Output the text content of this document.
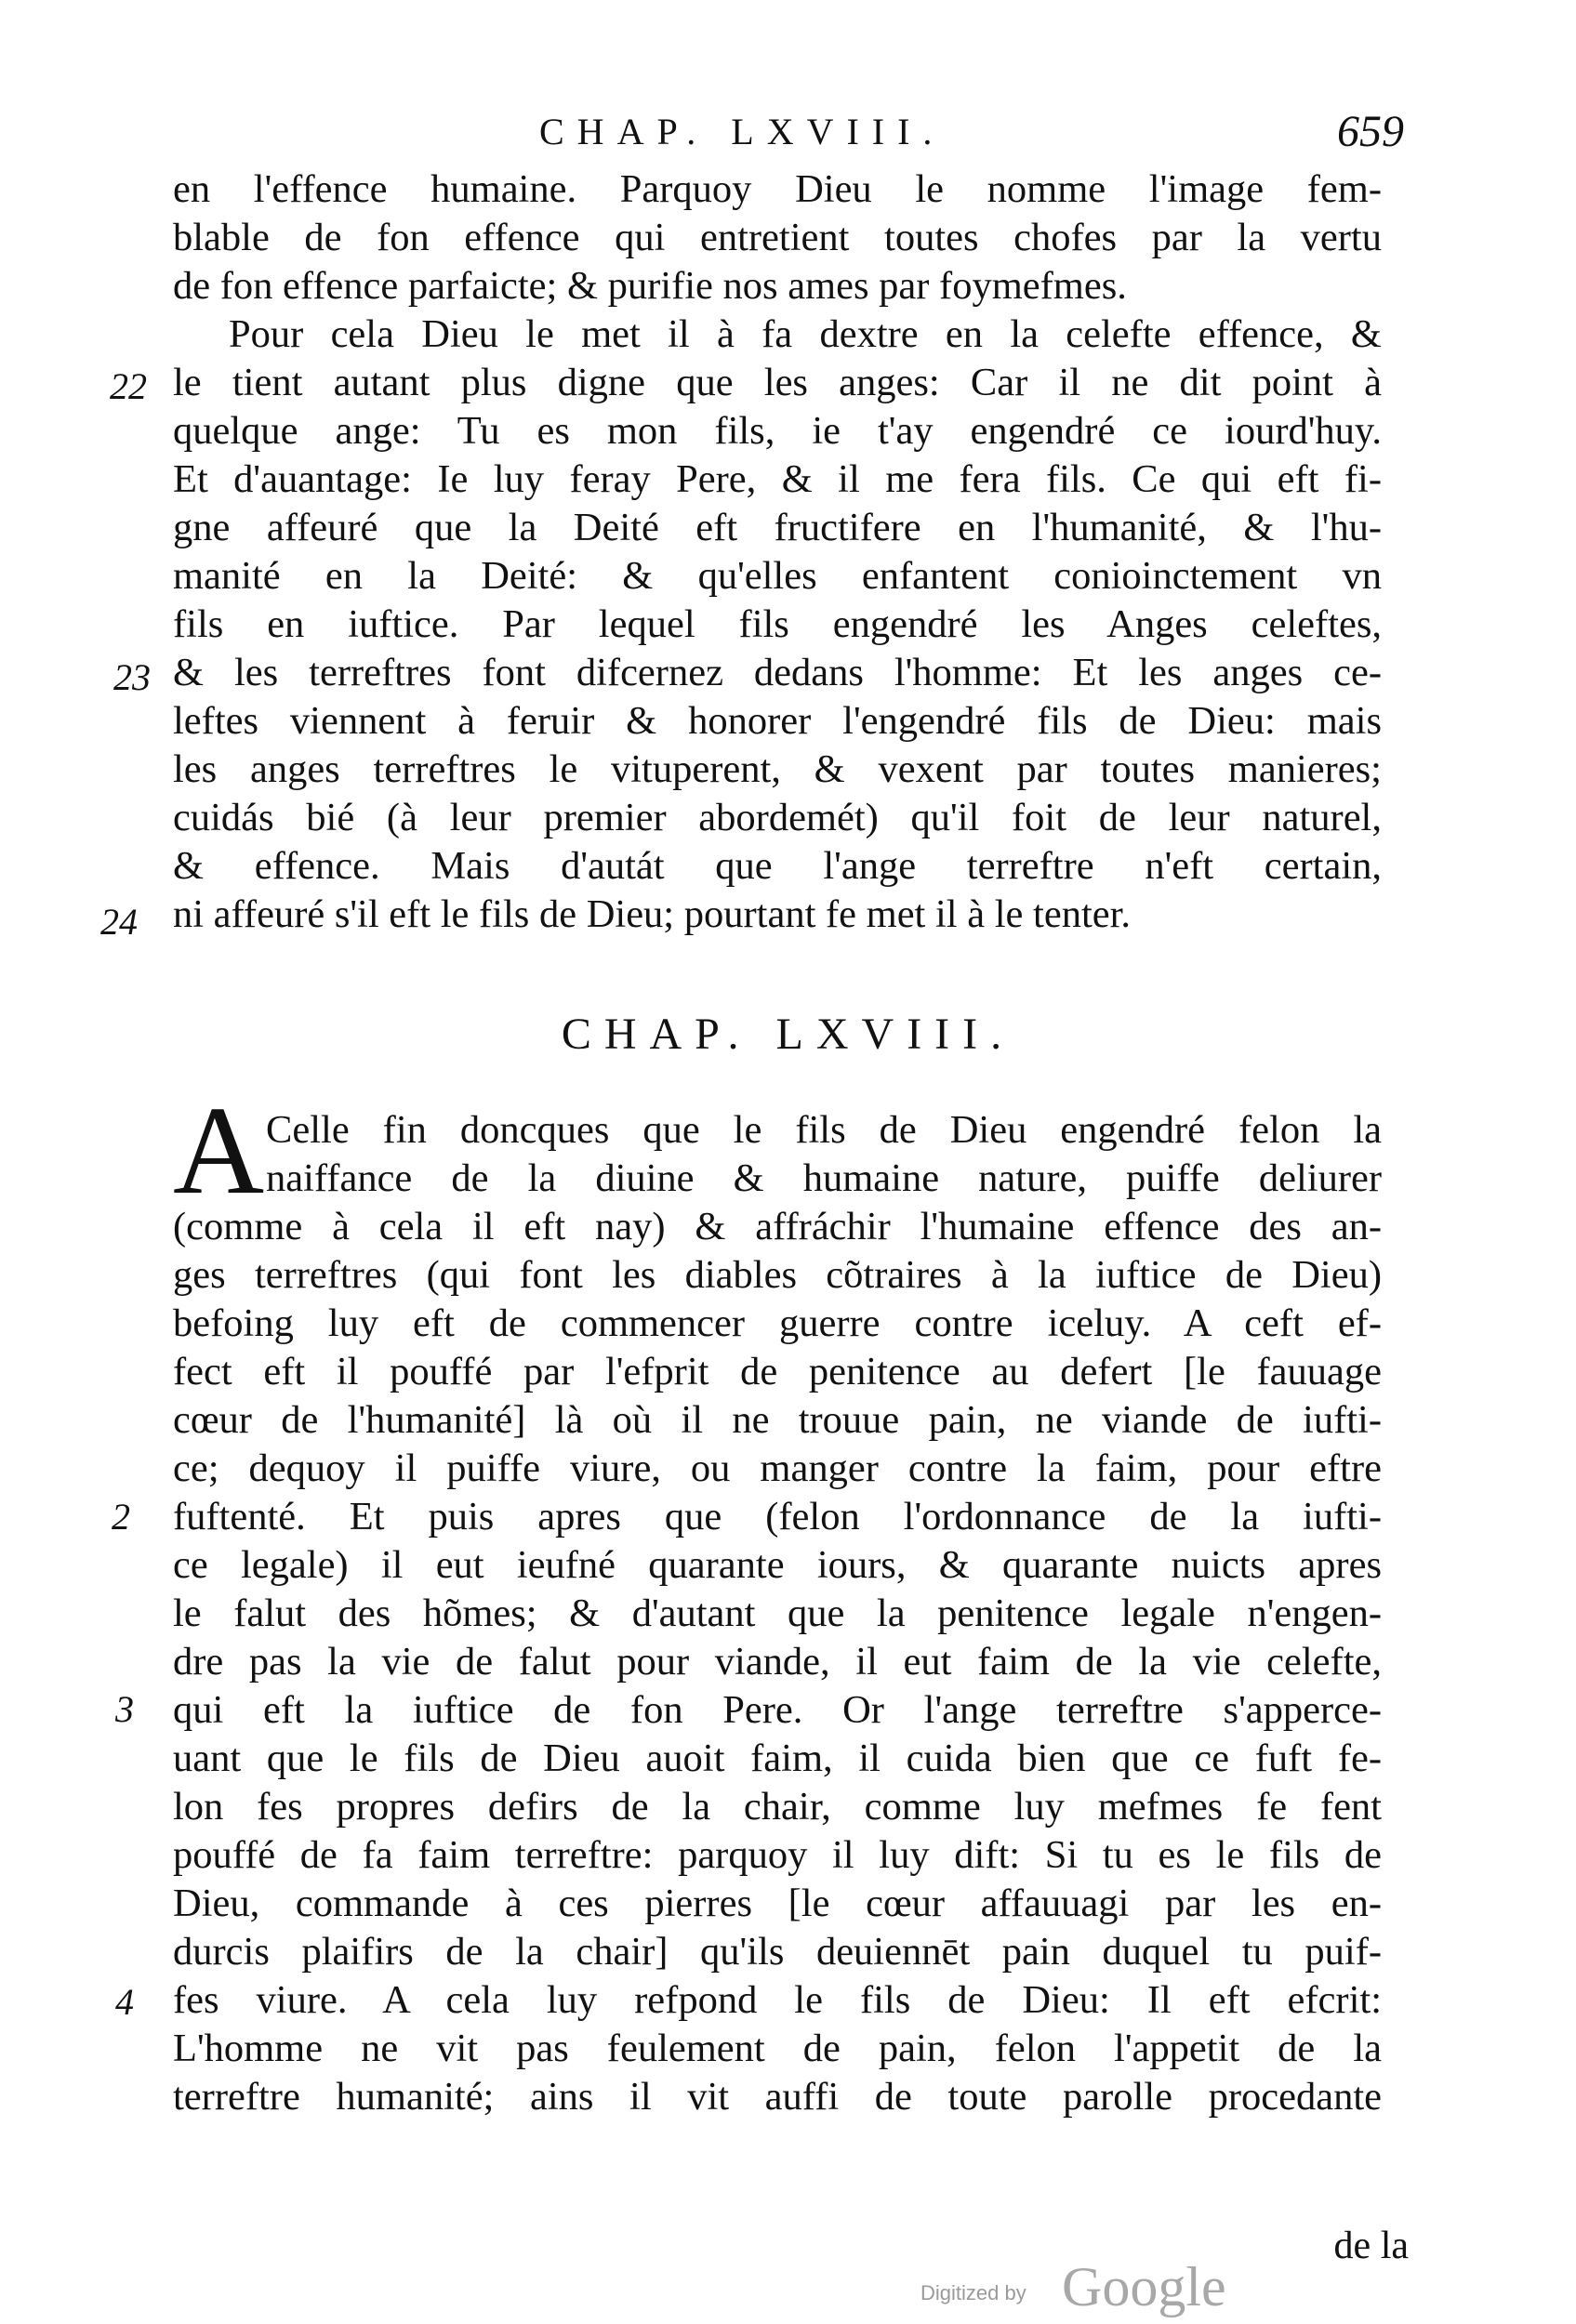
CHAP. LXVIII.	659
en l'effence humaine. Parquoy Dieu le nomme l'image fem-
blable de fon effence qui entretient toutes chofes par la vertu
de fon effence parfaicte; & purifie nos ames par foymefmes.
Pour cela Dieu le met il à fa dextre en la celefte effence, &
le tient autant plus digne que les anges: Car il ne dit point à
quelque ange: Tu es mon fils, ie t'ay engendré ce iourd'huy.
Et d'auantage: Ie luy feray Pere, & il me fera fils. Ce qui eft fi-
gne affeuré que la Deité eft fructifere en l'humanité, & l'hu-
manité en la Deité: & qu'elles enfantent conioinctement vn
fils en iuftice. Par lequel fils engendré les Anges celeftes,
& les terreftres font difcernez dedans l'homme: Et les anges ce-
leftes viennent à feruir & honorer l'engendré fils de Dieu: mais
les anges terreftres le vituperent, & vexent par toutes manieres;
cuidás bié (à leur premier abordemét) qu'il foit de leur naturel,
& effence. Mais d'autát que l'ange terreftre n'eft certain,
ni affeuré s'il eft le fils de Dieu; pourtant fe met il à le tenter.
22
23
24
CHAP. LXVIII.
A Celle fin doncques que le fils de Dieu engendré felon la
naiffance de la diuine & humaine nature, puiffe deliurer
(comme à cela il eft nay) & affráchir l'humaine effence des an-
ges terreftres (qui font les diables cõtraires à la iuftice de Dieu)
befoing luy eft de commencer guerre contre iceluy. A ceft ef-
fect eft il pouffé par l'efprit de penitence au defert [le fauuage
cœur de l'humanité] là où il ne trouue pain, ne viande de iufti-
ce; dequoy il puiffe viure, ou manger contre la faim, pour eftre
fuftenté. Et puis apres que (felon l'ordonnance de la iufti-
ce legale) il eut ieufné quarante iours, & quarante nuicts apres
le falut des hõmes; & d'autant que la penitence legale n'engen-
dre pas la vie de falut pour viande, il eut faim de la vie celefte,
qui eft la iuftice de fon Pere. Or l'ange terreftre s'apperce-
uant que le fils de Dieu auoit faim, il cuida bien que ce fuft fe-
lon fes propres defirs de la chair, comme luy mefmes fe fent
pouffé de fa faim terreftre: parquoy il luy dift: Si tu es le fils de
Dieu, commande à ces pierres [le cœur affauuagi par les en-
durcis plaifirs de la chair] qu'ils deuiennēt pain duquel tu puif-
fes viure. A cela luy refpond le fils de Dieu: Il eft efcrit:
L'homme ne vit pas feulement de pain, felon l'appetit de la
terreftre humanité; ains il vit auffi de toute parolle procedante
2
3
4
de la
Digitized by Google
